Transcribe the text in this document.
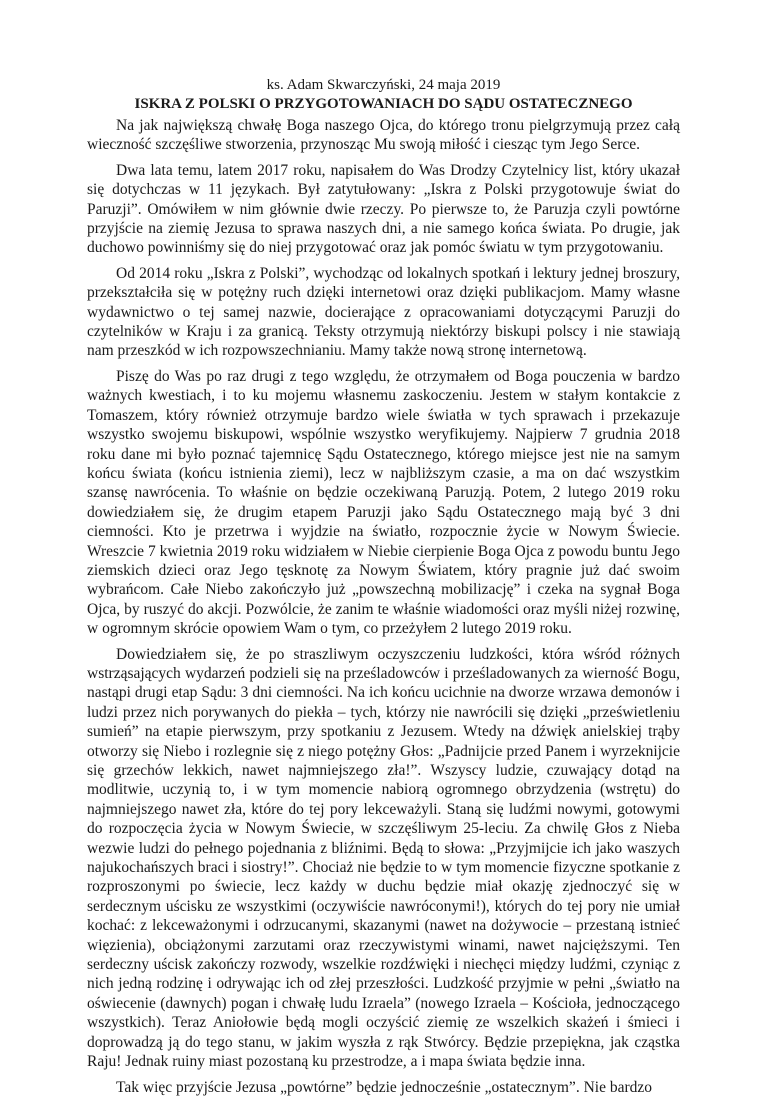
ks. Adam Skwarczyński, 24 maja 2019
ISKRA Z POLSKI O PRZYGOTOWANIACH DO SĄDU OSTATECZNEGO

Na jak największą chwałę Boga naszego Ojca, do którego tronu pielgrzymują przez całą wieczność szczęśliwe stworzenia, przynosząc Mu swoją miłość i ciesząc tym Jego Serce.

Dwa lata temu, latem 2017 roku, napisałem do Was Drodzy Czytelnicy list, który ukazał się dotychczas w 11 językach. Był zatytułowany: „Iskra z Polski przygotowuje świat do Paruzji”. Omówiłem w nim głównie dwie rzeczy. Po pierwsze to, że Paruzja czyli powtórne przyjście na ziemię Jezusa to sprawa naszych dni, a nie samego końca świata. Po drugie, jak duchowo powinniśmy się do niej przygotować oraz jak pomóc światu w tym przygotowaniu.

Od 2014 roku „Iskra z Polski”, wychodząc od lokalnych spotkań i lektury jednej broszury, przekształciła się w potężny ruch dzięki internetowi oraz dzięki publikacjom. Mamy własne wydawnictwo o tej samej nazwie, docierające z opracowaniami dotyczącymi Paruzji do czytelników w Kraju i za granicą. Teksty otrzymują niektórzy biskupi polscy i nie stawiają nam przeszkód w ich rozpowszechnianiu. Mamy także nową stronę internetową.

Piszę do Was po raz drugi z tego względu, że otrzymałem od Boga pouczenia w bardzo ważnych kwestiach, i to ku mojemu własnemu zaskoczeniu. Jestem w stałym kontakcie z Tomaszem, który również otrzymuje bardzo wiele światła w tych sprawach i przekazuje wszystko swojemu biskupowi, wspólnie wszystko weryfikujemy. Najpierw 7 grudnia 2018 roku dane mi było poznać tajemnicę Sądu Ostatecznego, którego miejsce jest nie na samym końcu świata (końcu istnienia ziemi), lecz w najbliższym czasie, a ma on dać wszystkim szansę nawrócenia. To właśnie on będzie oczekiwaną Paruzją. Potem, 2 lutego 2019 roku dowiedziałem się, że drugim etapem Paruzji jako Sądu Ostatecznego mają być 3 dni ciemności. Kto je przetrwa i wyjdzie na światło, rozpocznie życie w Nowym Świecie. Wreszcie 7 kwietnia 2019 roku widziałem w Niebie cierpienie Boga Ojca z powodu buntu Jego ziemskich dzieci oraz Jego tęsknotę za Nowym Światem, który pragnie już dać swoim wybrańcom. Całe Niebo zakończyło już „powszechną mobilizację” i czeka na sygnał Boga Ojca, by ruszyć do akcji. Pozwólcie, że zanim te właśnie wiadomości oraz myśli niżej rozwinę, w ogromnym skrócie opowiem Wam o tym, co przeżyłem 2 lutego 2019 roku.

Dowiedziałem się, że po straszliwym oczyszczeniu ludzkości, która wśród różnych wstrząsających wydarzeń podzieli się na prześladowców i prześladowanych za wierność Bogu, nastąpi drugi etap Sądu: 3 dni ciemności. Na ich końcu ucichnie na dworze wrzawa demonów i ludzi przez nich porywanych do piekła – tych, którzy nie nawrócili się dzięki „prześwietleniu sumień” na etapie pierwszym, przy spotkaniu z Jezusem. Wtedy na dźwięk anielskiej trąby otworzy się Niebo i rozlegnie się z niego potężny Głos: „Padnijcie przed Panem i wyrzeknijcie się grzechów lekkich, nawet najmniejszego zła!”. Wszyscy ludzie, czuwający dotąd na modlitwie, uczynią to, i w tym momencie nabiorą ogromnego obrzydzenia (wstrętu) do najmniejszego nawet zła, które do tej pory lekceważyli. Staną się ludźmi nowymi, gotowymi do rozpoczęcia życia w Nowym Świecie, w szczęśliwym 25-leciu. Za chwilę Głos z Nieba wezwie ludzi do pełnego pojednania z bliźnimi. Będą to słowa: „Przyjmijcie ich jako waszych najukochańszych braci i siostry!”. Chociaż nie będzie to w tym momencie fizyczne spotkanie z rozproszonymi po świecie, lecz każdy w duchu będzie miał okazję zjednoczyć się w serdecznym uścisku ze wszystkimi (oczywiście nawróconymi!), których do tej pory nie umiał kochać: z lekceważonymi i odrzucanymi, skazanymi (nawet na dożywocie – przestaną istnieć więzienia), obciążonymi zarzutami oraz rzeczywistymi winami, nawet najcięższymi. Ten serdeczny uścisk zakończy rozwody, wszelkie rozdźwięki i niechęci między ludźmi, czyniąc z nich jedną rodzinę i odrywając ich od złej przeszłości. Ludzkość przyjmie w pełni „światło na oświecenie (dawnych) pogan i chwałę ludu Izraela” (nowego Izraela – Kościoła, jednoczącego wszystkich). Teraz Aniołowie będą mogli oczyścić ziemię ze wszelkich skażeń i śmieci i doprowadzą ją do tego stanu, w jakim wyszła z rąk Stwórcy. Będzie przepiękna, jak cząstka Raju! Jednak ruiny miast pozostaną ku przestrodze, a i mapa świata będzie inna.

Tak więc przyjście Jezusa „powtórne” będzie jednocześnie „ostatecznym”. Nie bardzo
